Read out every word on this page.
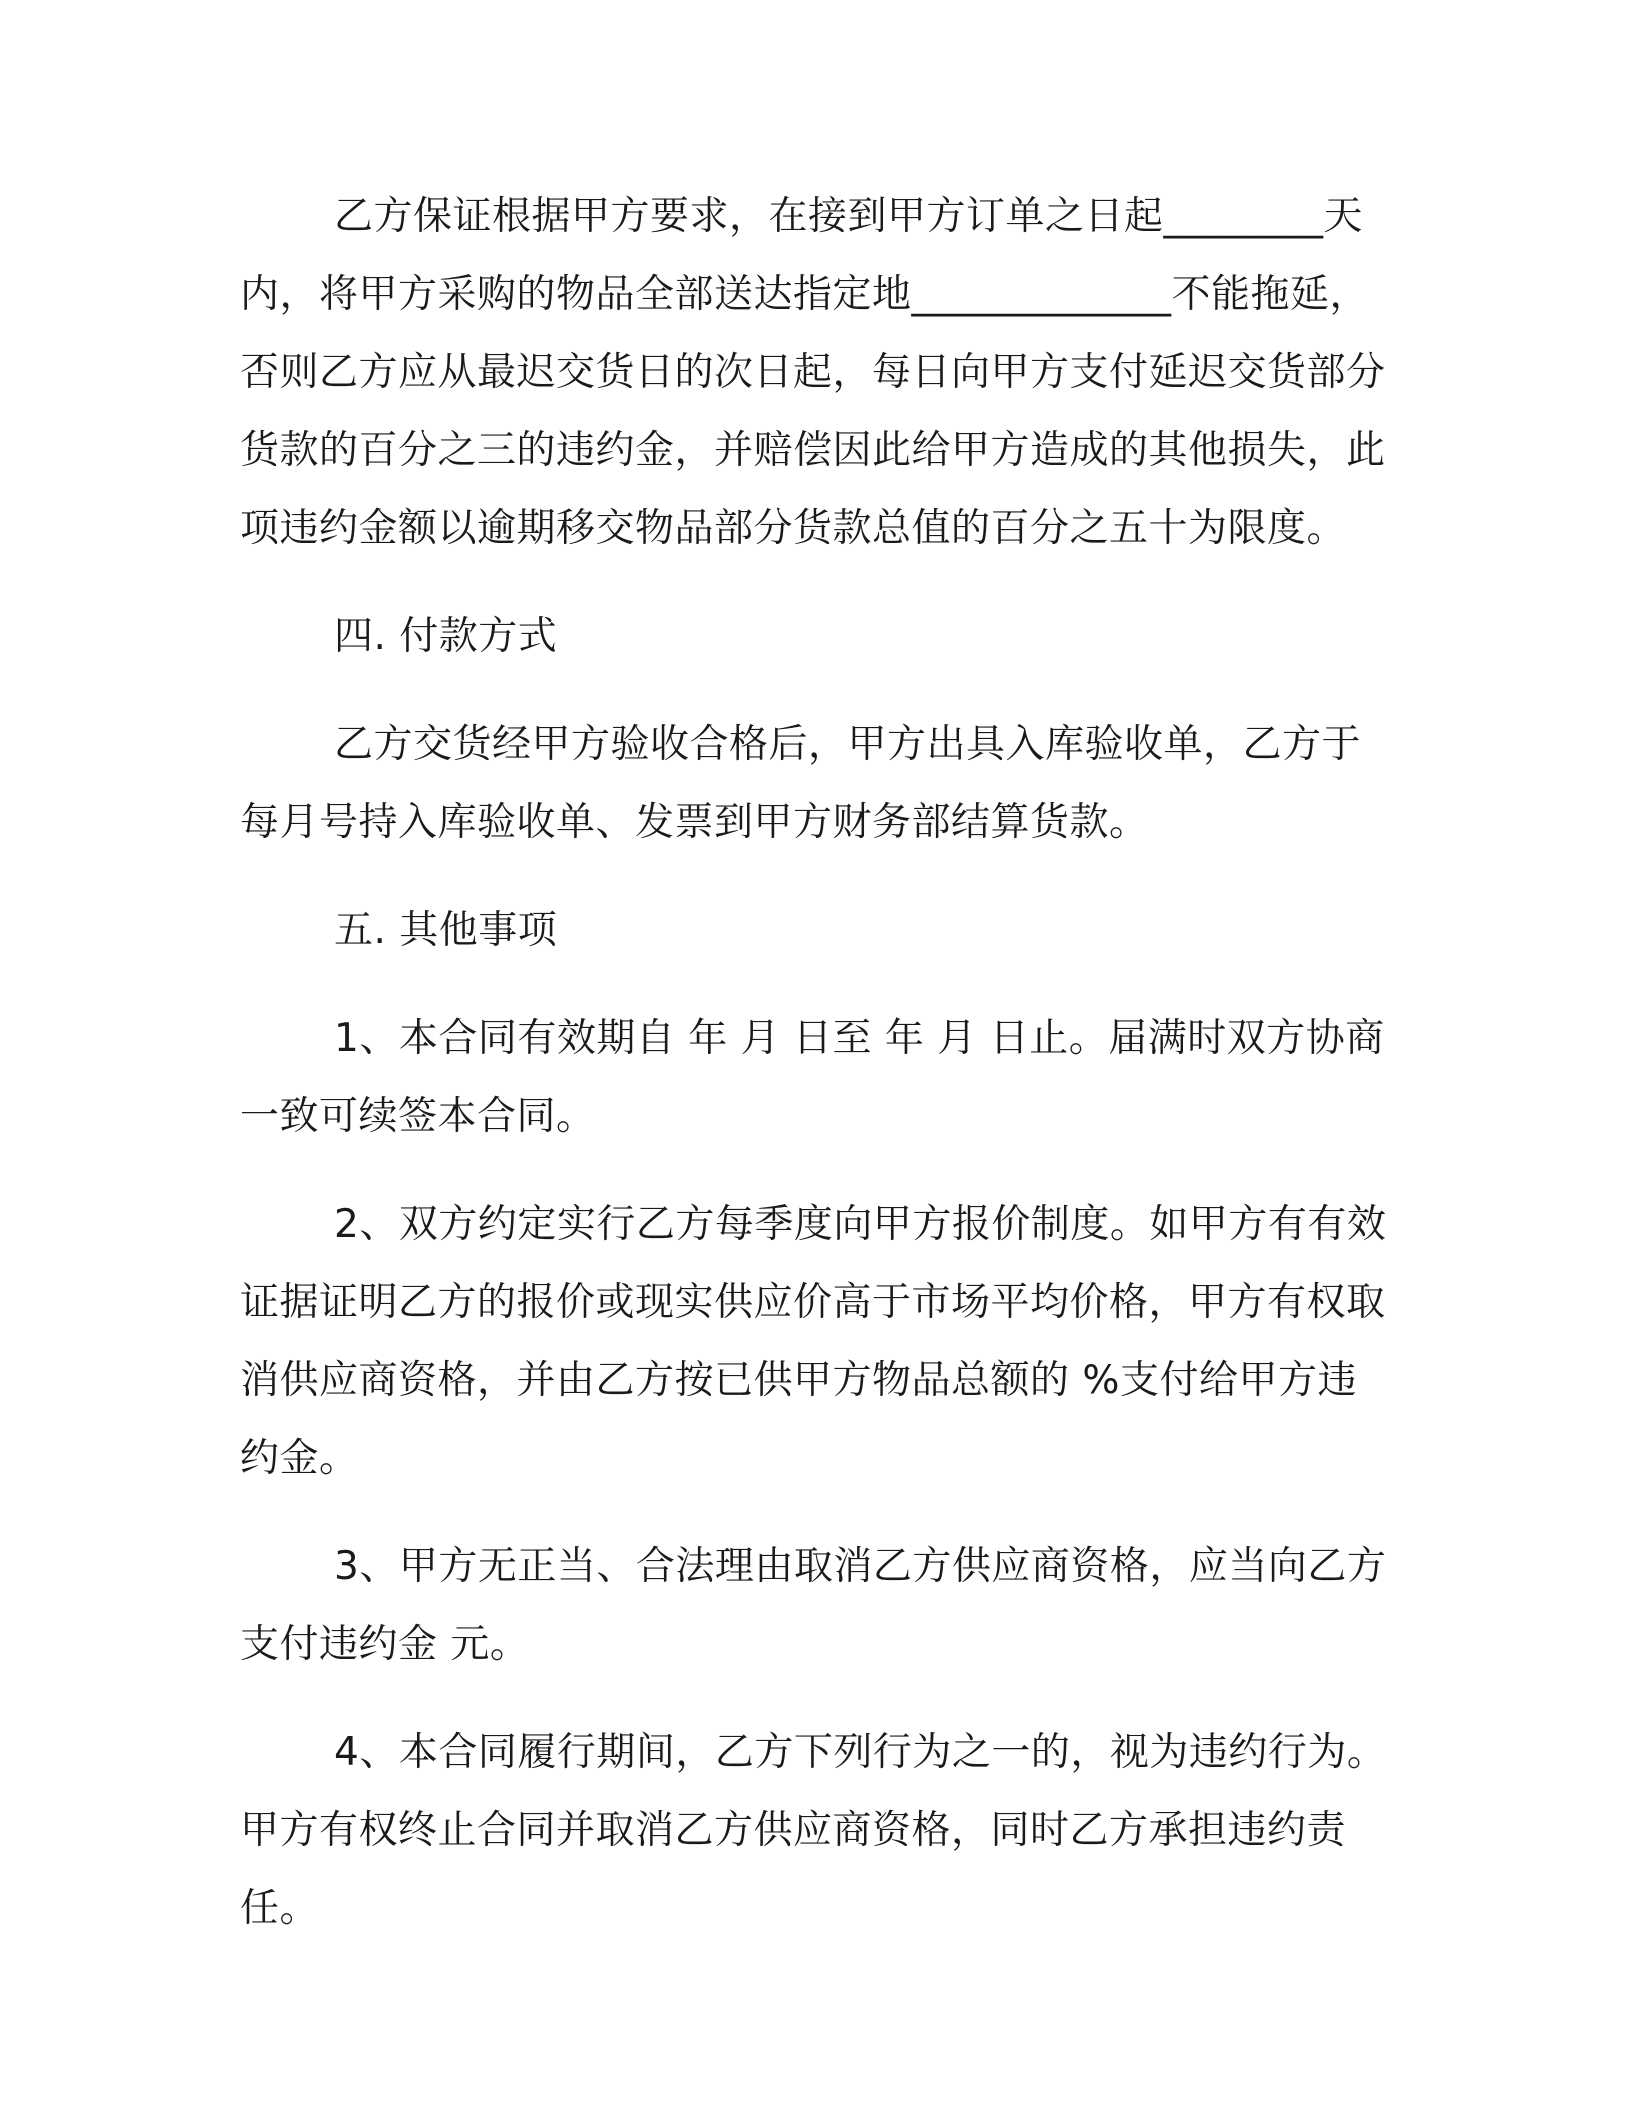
乙方保证根据甲方要求，在接到甲方订单之日起________天内，将甲方采购的物品全部送达指定地_____________不能拖延，否则乙方应从最迟交货日的次日起，每日向甲方支付延迟交货部分货款的百分之三的违约金，并赔偿因此给甲方造成的其他损失，此项违约金额以逾期移交物品部分货款总值的百分之五十为限度。

四. 付款方式

乙方交货经甲方验收合格后，甲方出具入库验收单，乙方于每月号持入库验收单、发票到甲方财务部结算货款。

五. 其他事项

1、本合同有效期自 年 月 日至 年 月 日止。届满时双方协商一致可续签本合同。

2、双方约定实行乙方每季度向甲方报价制度。如甲方有有效证据证明乙方的报价或现实供应价高于市场平均价格，甲方有权取消供应商资格，并由乙方按已供甲方物品总额的 %支付给甲方违约金。

3、甲方无正当、合法理由取消乙方供应商资格，应当向乙方支付违约金 元。

4、本合同履行期间，乙方下列行为之一的，视为违约行为。甲方有权终止合同并取消乙方供应商资格，同时乙方承担违约责任。
